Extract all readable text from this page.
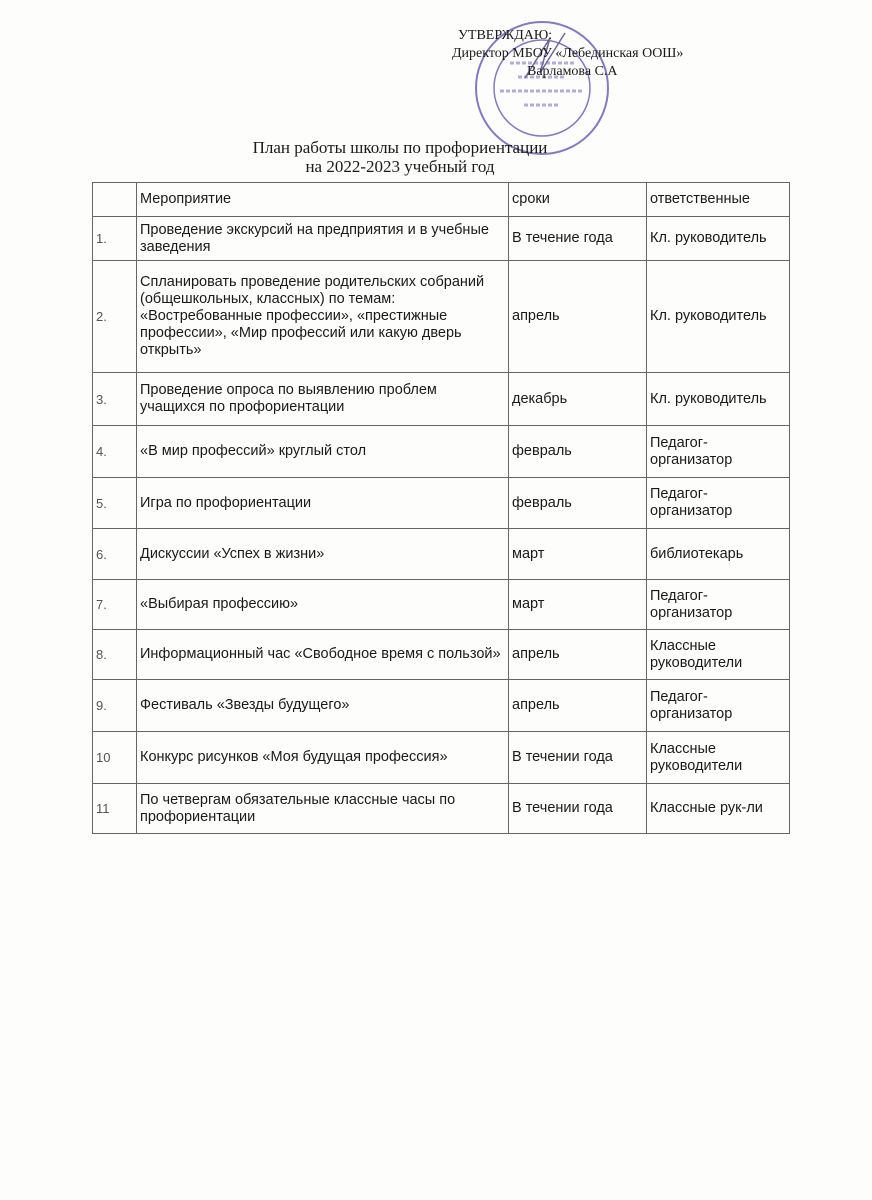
УТВЕРЖДАЮ:
Директор МБОУ «Лебединская ООШ»
Варламова С.А
План работы школы по профориентации
на 2022-2023 учебный год
	Мероприятие	сроки	ответственные
1.	Проведение экскурсий на предприятия и в учебные заведения	В течение года	Кл. руководитель
2.	Спланировать проведение родительских собраний (общешкольных, классных) по темам: «Востребованные профессии», «престижные профессии», «Мир профессий или какую дверь открыть»	апрель	Кл. руководитель
3.	Проведение опроса по выявлению проблем учащихся по профориентации	декабрь	Кл. руководитель
4.	«В мир профессий» круглый стол	февраль	Педагог-организатор
5.	Игра по профориентации	февраль	Педагог-организатор
6.	Дискуссии «Успех в жизни»	март	библиотекарь
7.	«Выбирая профессию»	март	Педагог-организатор
8.	Информационный час «Свободное время с пользой»	апрель	Классные руководители
9.	Фестиваль «Звезды будущего»	апрель	Педагог-организатор
10	Конкурс рисунков «Моя будущая профессия»	В течении года	Классные руководители
11	По четвергам обязательные классные часы по профориентации	В течении года	Классные рук-ли
